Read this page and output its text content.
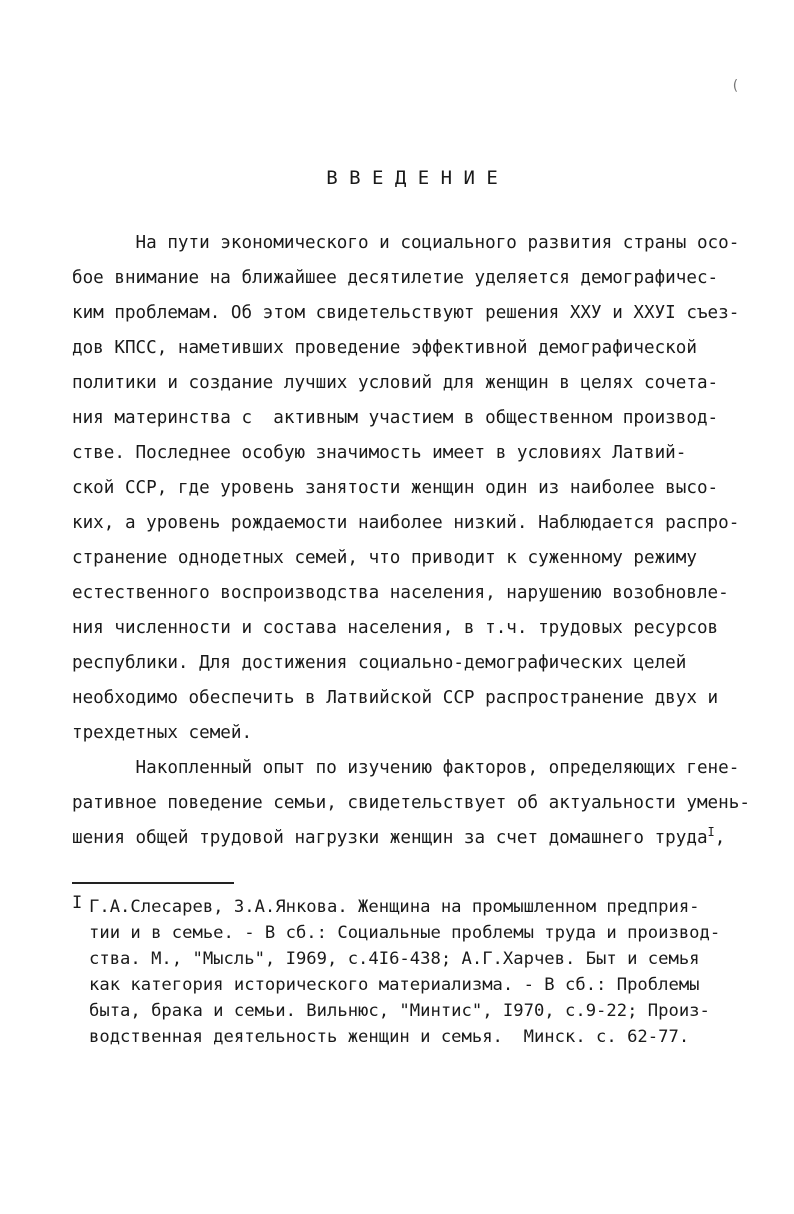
(
В В Е Д Е Н И Е
На пути экономического и социального развития страны осо-
бое внимание на ближайшее десятилетие уделяется демографичес-
ким проблемам. Об этом свидетельствуют решения ХХУ и ХХУI съез-
дов КПСС, наметивших проведение эффективной демографической
политики и создание лучших условий для женщин в целях сочета-
ния материнства с  активным участием в общественном производ-
стве. Последнее особую значимость имеет в условиях Латвий-
ской ССР, где уровень занятости женщин один из наиболее высо-
ких, а уровень рождаемости наиболее низкий. Наблюдается распро-
странение однодетных семей, что приводит к суженному режиму
естественного воспроизводства населения, нарушению возобновле-
ния численности и состава населения, в т.ч. трудовых ресурсов
республики. Для достижения социально-демографических целей
необходимо обеспечить в Латвийской ССР распространение двух и
трехдетных семей.
Накопленный опыт по изучению факторов, определяющих гене-
ративное поведение семьи, свидетельствует об актуальности умень-
шения общей трудовой нагрузки женщин за счет домашнего труда$^I$,
I Г.А.Слесарев, З.А.Янкова. Женщина на промышленном предприя-
тии и в семье. - В сб.: Социальные проблемы труда и производ-
ства. М., "Мысль", I969, с.4I6-438; А.Г.Харчев. Быт и семья
как категория исторического материализма. - В сб.: Проблемы
быта, брака и семьи. Вильнюс, "Минтис", I970, с.9-22; Произ-
водственная деятельность женщин и семья.  Минск. с. 62-77.
